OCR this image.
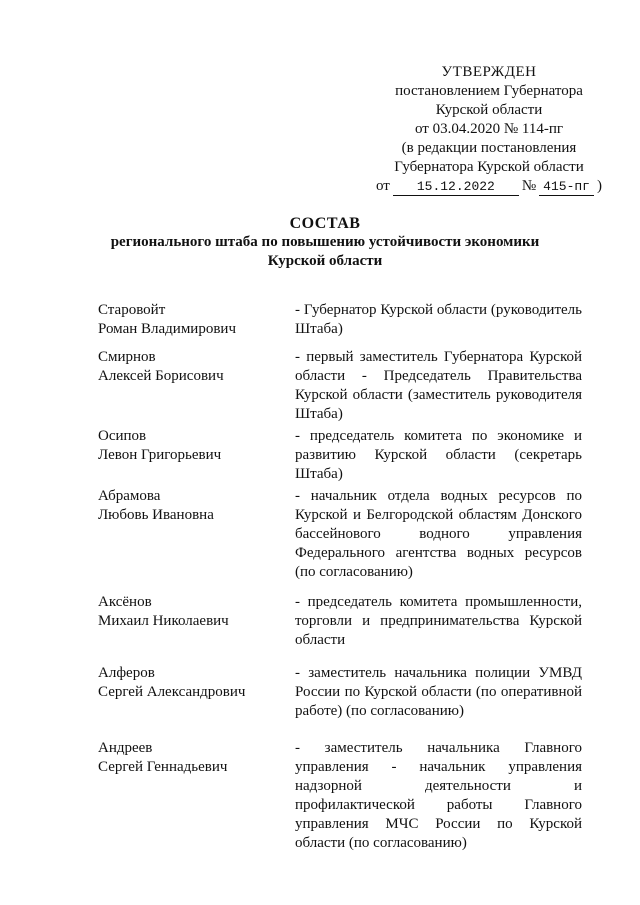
УТВЕРЖДЕН
постановлением Губернатора
Курской области
от 03.04.2020 № 114-пг
(в редакции постановления
Губернатора Курской области
от	15.12.2022	№ 415-пг )
СОСТАВ
регионального штаба по повышению устойчивости экономики
Курской области
Старовойт
Роман Владимирович
- Губернатор Курской области (руководитель Штаба)
Смирнов
Алексей Борисович
- первый заместитель Губернатора Курской области - Председатель Правительства Курской области (заместитель руководителя Штаба)
Осипов
Левон Григорьевич
- председатель комитета по экономике и развитию Курской области (секретарь Штаба)
Абрамова
Любовь Ивановна
- начальник отдела водных ресурсов по Курской и Белгородской областям Донского бассейнового водного управления Федерального агентства водных ресурсов (по согласованию)
Аксёнов
Михаил Николаевич
- председатель комитета промышленности, торговли и предпринимательства Курской области
Алферов
Сергей Александрович
- заместитель начальника полиции УМВД России по Курской области (по оперативной работе) (по согласованию)
Андреев
Сергей Геннадьевич
- заместитель начальника Главного управления - начальник управления надзорной деятельности и профилактической работы Главного управления МЧС России по Курской области (по согласованию)
